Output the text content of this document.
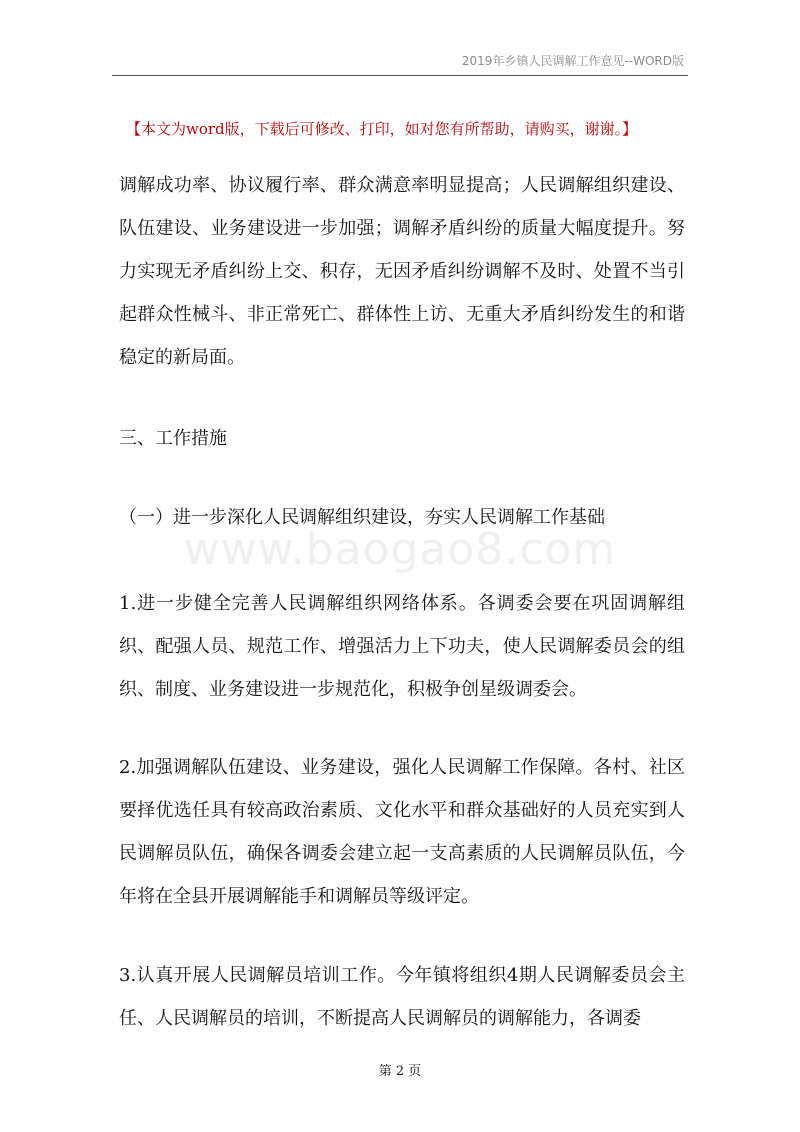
2019年乡镇人民调解工作意见--WORD版
【本文为word版，下载后可修改、打印，如对您有所帮助，请购买，谢谢。】
调解成功率、协议履行率、群众满意率明显提高；人民调解组织建设、队伍建设、业务建设进一步加强；调解矛盾纠纷的质量大幅度提升。努力实现无矛盾纠纷上交、积存，无因矛盾纠纷调解不及时、处置不当引起群众性械斗、非正常死亡、群体性上访、无重大矛盾纠纷发生的和谐稳定的新局面。
三、工作措施
（一）进一步深化人民调解组织建设，夯实人民调解工作基础
www.baogao8.com
1.进一步健全完善人民调解组织网络体系。各调委会要在巩固调解组织、配强人员、规范工作、增强活力上下功夫，使人民调解委员会的组织、制度、业务建设进一步规范化，积极争创星级调委会。
2.加强调解队伍建设、业务建设，强化人民调解工作保障。各村、社区要择优选任具有较高政治素质、文化水平和群众基础好的人员充实到人民调解员队伍，确保各调委会建立起一支高素质的人民调解员队伍，今年将在全县开展调解能手和调解员等级评定。
3.认真开展人民调解员培训工作。今年镇将组织4期人民调解委员会主任、人民调解员的培训，不断提高人民调解员的调解能力，各调委
第 2 页
